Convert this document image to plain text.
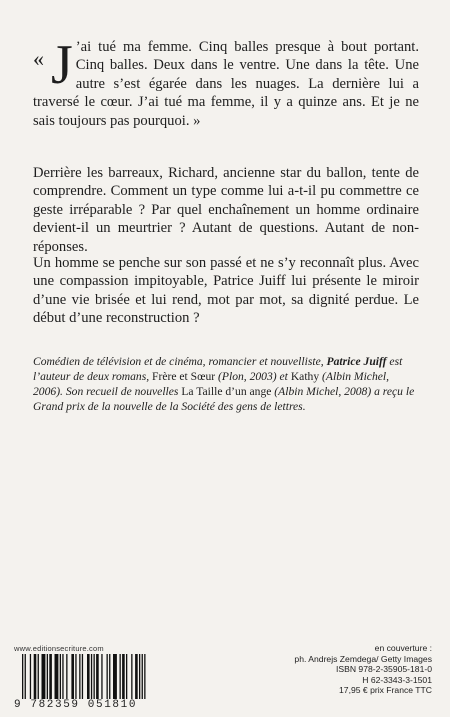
« J ’ai tué ma femme. Cinq balles presque à bout portant. Cinq balles. Deux dans le ventre. Une dans la tête. Une autre s’est égarée dans les nuages. La dernière lui a traversé le cœur. J’ai tué ma femme, il y a quinze ans. Et je ne sais toujours pas pourquoi. »

Derrière les barreaux, Richard, ancienne star du ballon, tente de comprendre. Comment un type comme lui a-t-il pu commettre ce geste irréparable ? Par quel enchaînement un homme ordinaire devient-il un meurtrier ? Autant de questions. Autant de non-réponses.

Un homme se penche sur son passé et ne s’y reconnaît plus. Avec une compassion impitoyable, Patrice Juiff lui présente le miroir d’une vie brisée et lui rend, mot par mot, sa dignité perdue. Le début d’une reconstruction ?

Comédien de télévision et de cinéma, romancier et nouvelliste, Patrice Juiff est l’auteur de deux romans, Frère et Sœur (Plon, 2003) et Kathy (Albin Michel, 2006). Son recueil de nouvelles La Taille d’un ange (Albin Michel, 2008) a reçu le Grand prix de la nouvelle de la Société des gens de lettres.

www.editionsecriture.com
9 782359 051810
en couverture :
ph. Andrejs Zemdega/ Getty Images
ISBN 978-2-35905-181-0
H 62-3343-3-1501
17,95 € prix France TTC
